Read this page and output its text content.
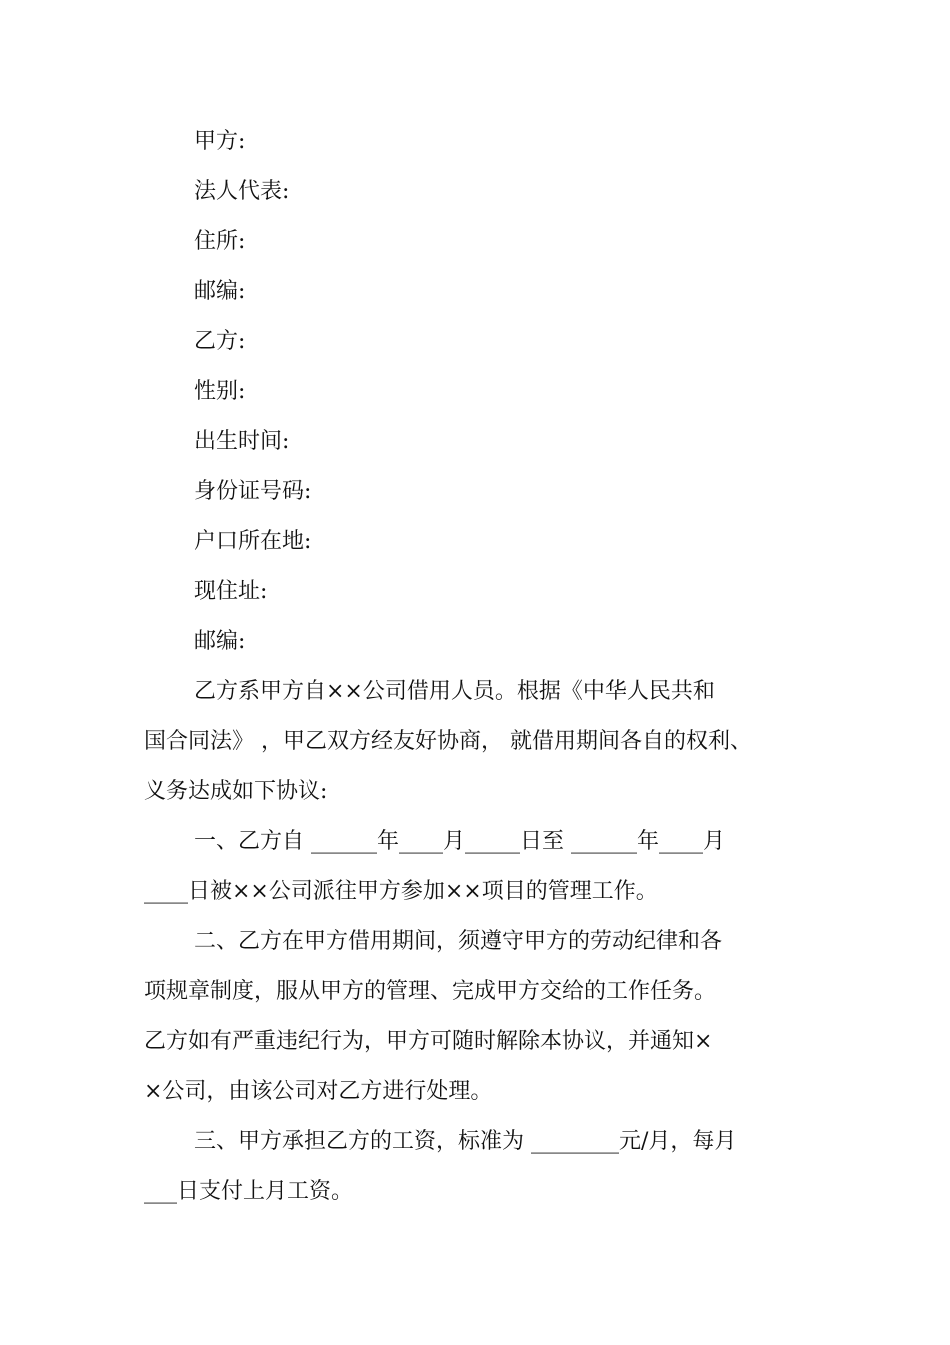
甲方:
法人代表:
住所:
邮编:
乙方:
性别:
出生时间:
身份证号码:
户口所在地:
现住址:
邮编:
乙方系甲方自××公司借用人员。根据《中华人民共和
国合同法》 ，甲乙双方经友好协商， 就借用期间各自的权利、
义务达成如下协议:
一、乙方自 ______年____月_____日至 ______年____月
____日被××公司派往甲方参加××项目的管理工作。
二、乙方在甲方借用期间，须遵守甲方的劳动纪律和各
项规章制度，服从甲方的管理、完成甲方交给的工作任务。
乙方如有严重违纪行为，甲方可随时解除本协议，并通知×
×公司，由该公司对乙方进行处理。
三、甲方承担乙方的工资，标准为 ________元/月，每月
___日支付上月工资。
